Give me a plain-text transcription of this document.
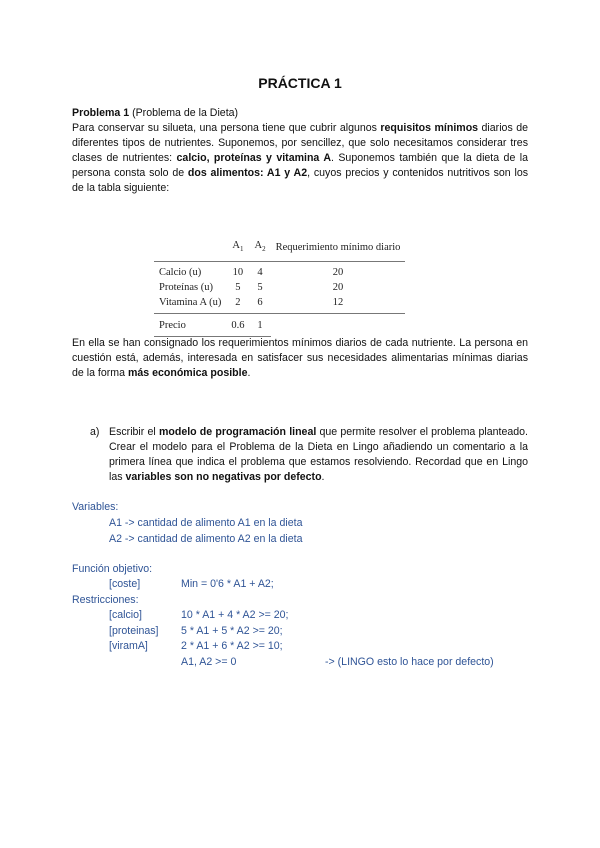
PRÁCTICA 1
Problema 1 (Problema de la Dieta)
Para conservar su silueta, una persona tiene que cubrir algunos requisitos mínimos diarios de
diferentes tipos de nutrientes. Suponemos, por sencillez, que solo necesitamos considerar tres
clases de nutrientes: calcio, proteínas y vitamina A. Suponemos también que la dieta de la
persona consta solo de dos alimentos: A1 y A2, cuyos precios y contenidos nutritivos son los
de la tabla siguiente:
	$A_1$	$A_2$	Requerimiento mínimo diario
Calcio (u)	10	4	20
Proteínas (u)	5	5	20
Vitamina A (u)	2	6	12
Precio	0.6	1	
En ella se han consignado los requerimientos mínimos diarios de cada nutriente. La persona en
cuestión está, además, interesada en satisfacer sus necesidades alimentarias mínimas diarias
de la forma más económica posible.
a) Escribir el modelo de programación lineal que permite resolver el problema planteado.
Crear el modelo para el Problema de la Dieta en Lingo añadiendo un comentario a la
primera línea que indica el problema que estamos resolviendo. Recordad que en Lingo
las variables son no negativas por defecto.
Variables:
A1 -> cantidad de alimento A1 en la dieta
A2 -> cantidad de alimento A2 en la dieta
Función objetivo:
[coste]	Min = 0'6 * A1 + A2;
Restricciones:
[calcio]	10 * A1 + 4 * A2 >= 20;
[proteinas] 5 * A1 + 5 * A2 >= 20;
[viramA]	2 * A1 + 6 * A2 >= 10;
A1, A2 >= 0	-> (LINGO esto lo hace por defecto)
